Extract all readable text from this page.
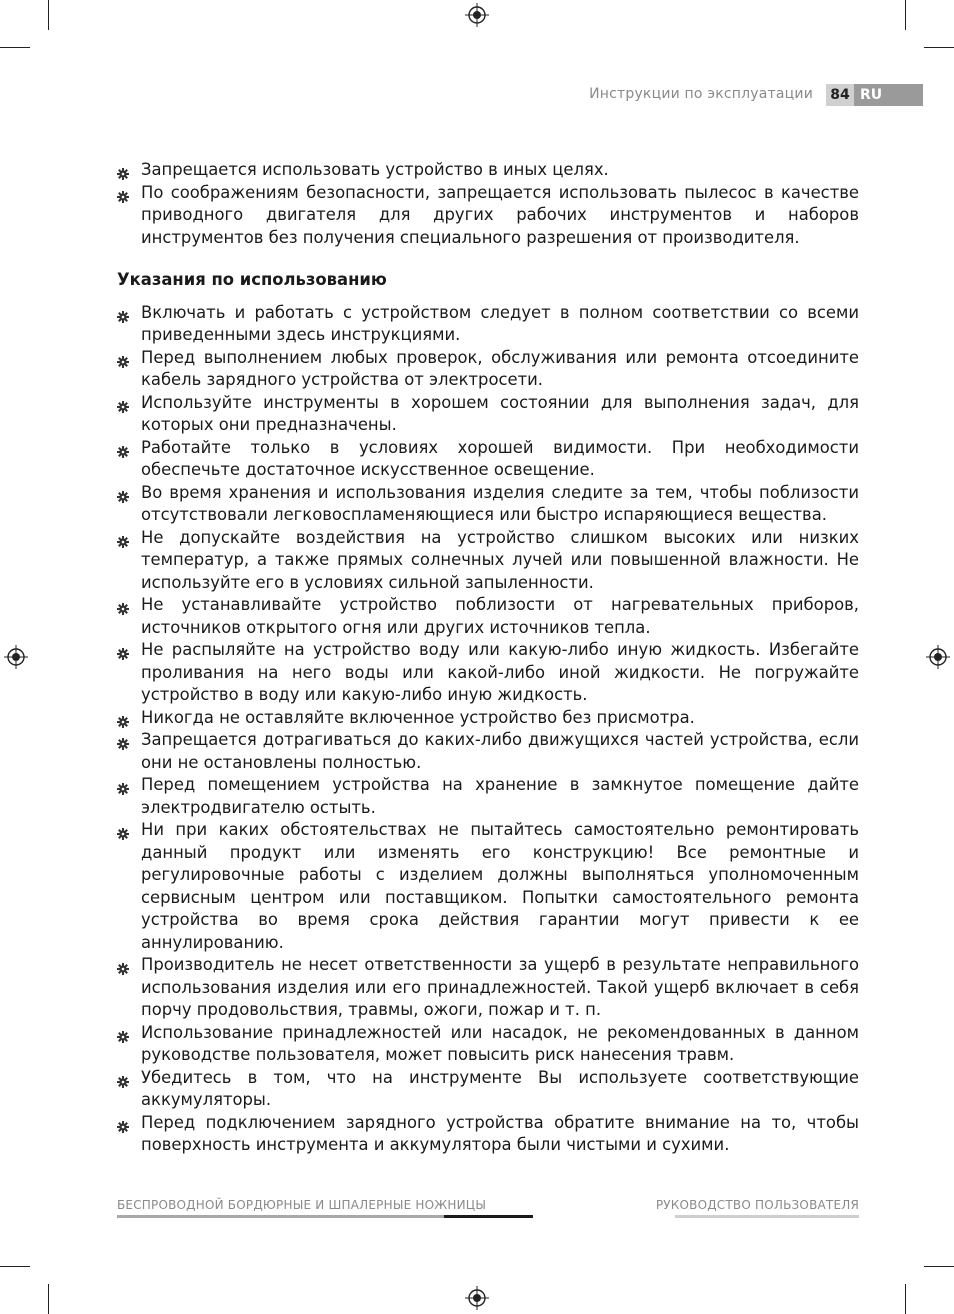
Инструкции по эксплуатации	84 RU
Запрещается использовать устройство в иных целях.
По соображениям безопасности, запрещается использовать пылесос в качестве приводного двигателя для других рабочих инструментов и наборов инструментов без получения специального разрешения от производителя.
Указания по использованию
Включать и работать с устройством следует в полном соответствии со всеми приведенными здесь инструкциями.
Перед выполнением любых проверок, обслуживания или ремонта отсоедините кабель зарядного устройства от электросети.
Используйте инструменты в хорошем состоянии для выполнения задач, для которых они предназначены.
Работайте только в условиях хорошей видимости. При необходимости обеспечьте достаточное искусственное освещение.
Во время хранения и использования изделия следите за тем, чтобы поблизости отсутствовали легковоспламеняющиеся или быстро испаряющиеся вещества.
Не допускайте воздействия на устройство слишком высоких или низких температур, а также прямых солнечных лучей или повышенной влажности. Не используйте его в условиях сильной запыленности.
Не устанавливайте устройство поблизости от нагревательных приборов, источников открытого огня или других источников тепла.
Не распыляйте на устройство воду или какую-либо иную жидкость. Избегайте проливания на него воды или какой-либо иной жидкости. Не погружайте устройство в воду или какую-либо иную жидкость.
Никогда не оставляйте включенное устройство без присмотра.
Запрещается дотрагиваться до каких-либо движущихся частей устройства, если они не остановлены полностью.
Перед помещением устройства на хранение в замкнутое помещение дайте электродвигателю остыть.
Ни при каких обстоятельствах не пытайтесь самостоятельно ремонтировать данный продукт или изменять его конструкцию! Все ремонтные и регулировочные работы с изделием должны выполняться уполномоченным сервисным центром или поставщиком. Попытки самостоятельного ремонта устройства во время срока действия гарантии могут привести к ее аннулированию.
Производитель не несет ответственности за ущерб в результате неправильного использования изделия или его принадлежностей. Такой ущерб включает в себя порчу продовольствия, травмы, ожоги, пожар и т. п.
Использование принадлежностей или насадок, не рекомендованных в данном руководстве пользователя, может повысить риск нанесения травм.
Убедитесь в том, что на инструменте Вы используете соответствующие аккумуляторы.
Перед подключением зарядного устройства обратите внимание на то, чтобы поверхность инструмента и аккумулятора были чистыми и сухими.
БЕСПРОВОДНОЙ БОРДЮРНЫЕ И ШПАЛЕРНЫЕ НОЖНИЦЫ	РУКОВОДСТВО ПОЛЬЗОВАТЕЛЯ
